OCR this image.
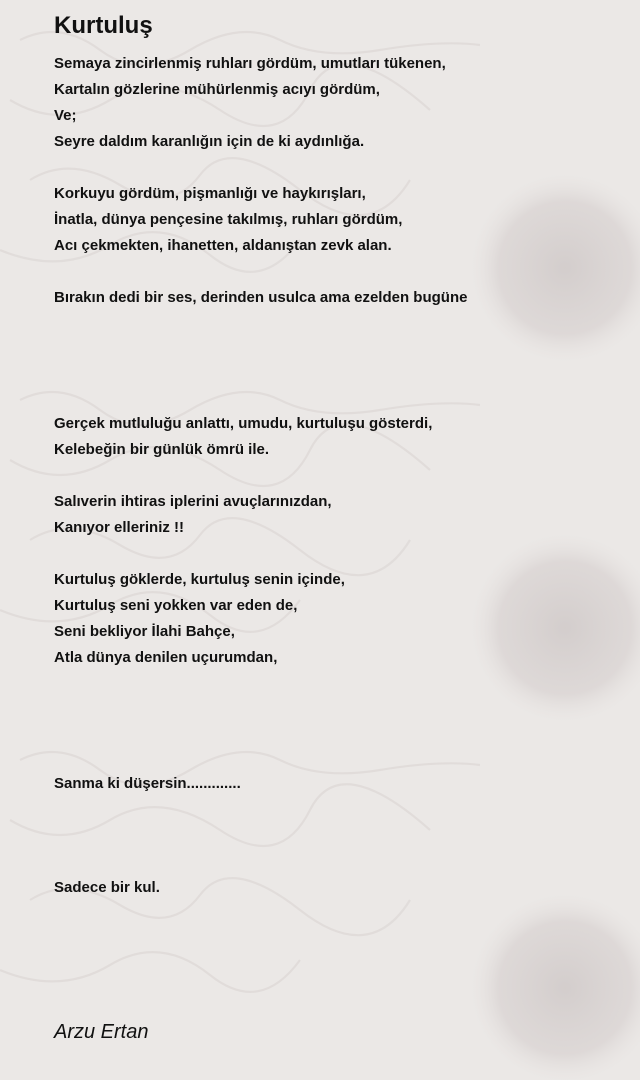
Kurtuluş

Semaya zincirlenmiş ruhları gördüm, umutları tükenen,

Kartalın gözlerine mühürlenmiş acıyı gördüm,

Ve;

Seyre daldım karanlığın için de ki aydınlığa.

Korkuyu gördüm, pişmanlığı ve haykırışları,

İnatla, dünya pençesine takılmış, ruhları gördüm,

Acı çekmekten, ihanetten, aldanıştan zevk alan.

Bırakın dedi bir ses, derinden usulca ama ezelden bugüne

Gerçek mutluluğu anlattı, umudu, kurtuluşu gösterdi,

Kelebeğin bir günlük ömrü ile.

Salıverin ihtiras iplerini avuçlarınızdan,

Kanıyor elleriniz !!

Kurtuluş göklerde, kurtuluş senin içinde,

Kurtuluş seni yokken var eden de,

Seni bekliyor İlahi Bahçe,

Atla dünya denilen uçurumdan,

Sanma ki düşersin.............

Sadece bir kul.

Arzu Ertan
